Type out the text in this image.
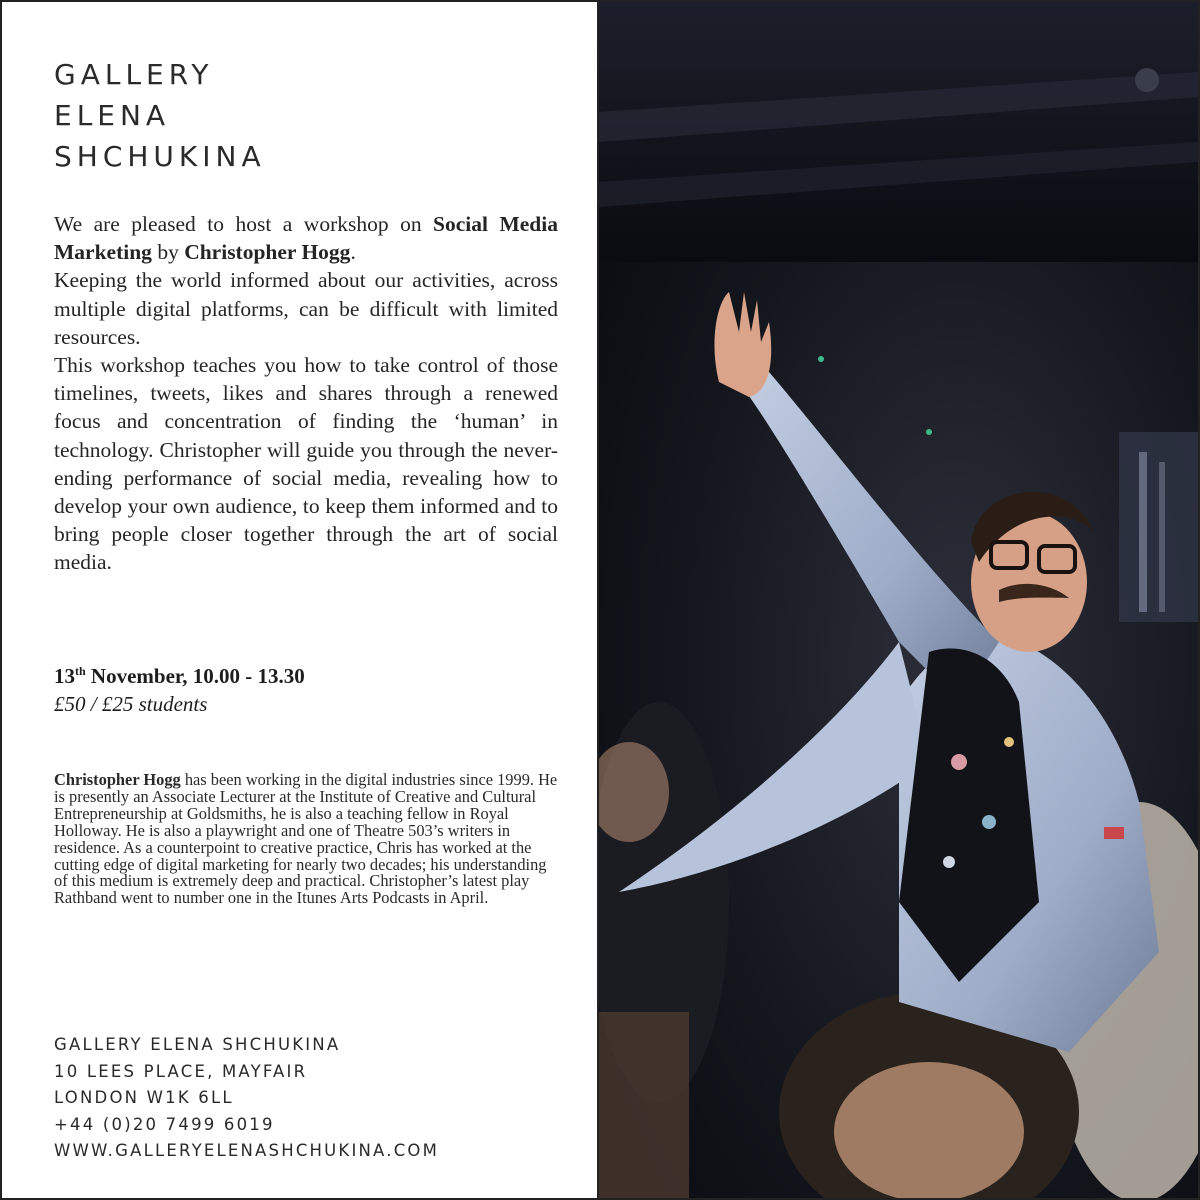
GALLERY
ELENA
SHCHUKINA

We are pleased to host a workshop on Social Media Marketing by Christopher Hogg.

Keeping the world informed about our activities, across multiple digital platforms, can be difficult with limited resources.

This workshop teaches you how to take control of those timelines, tweets, likes and shares through a renewed focus and concentration of finding the ‘human’ in technology. Christopher will guide you through the never-ending performance of social media, revealing how to develop your own audience, to keep them informed and to bring people closer together through the art of social media.

13th November, 10.00 - 13.30
£50 / £25 students
Christopher Hogg has been working in the digital industries since 1999. He is presently an Associate Lecturer at the Institute of Creative and Cultural Entrepreneurship at Goldsmiths, he is also a teaching fellow in Royal Holloway. He is also a playwright and one of Theatre 503’s writers in residence. As a counterpoint to creative practice, Chris has worked at the cutting edge of digital marketing for nearly two decades; his understanding of this medium is extremely deep and practical. Christopher’s latest play Rathband went to number one in the Itunes Arts Podcasts in April.
GALLERY ELENA SHCHUKINA
10 LEES PLACE, MAYFAIR
LONDON W1K 6LL
+44 (0)20 7499 6019
WWW.GALLERYELENASHCHUKINA.COM
